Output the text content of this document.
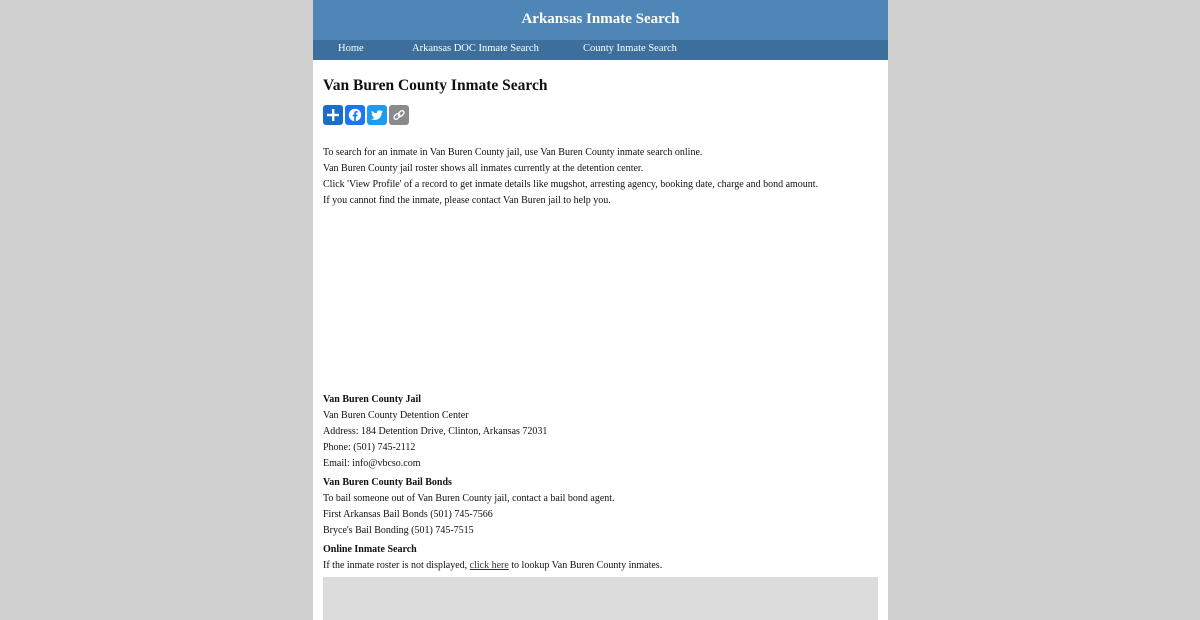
Arkansas Inmate Search
Home	Arkansas DOC Inmate Search	County Inmate Search
Van Buren County Inmate Search

To search for an inmate in Van Buren County jail, use Van Buren County inmate search online.

Van Buren County jail roster shows all inmates currently at the detention center.

Click 'View Profile' of a record to get inmate details like mugshot, arresting agency, booking date, charge and bond amount.

If you cannot find the inmate, please contact Van Buren jail to help you.

Van Buren County Jail

Van Buren County Detention Center

Address: 184 Detention Drive, Clinton, Arkansas 72031

Phone: (501) 745-2112

Email: info@vbcso.com

Van Buren County Bail Bonds

To bail someone out of Van Buren County jail, contact a bail bond agent.

First Arkansas Bail Bonds (501) 745-7566

Bryce's Bail Bonding (501) 745-7515

Online Inmate Search

If the inmate roster is not displayed, click here to lookup Van Buren County inmates.
